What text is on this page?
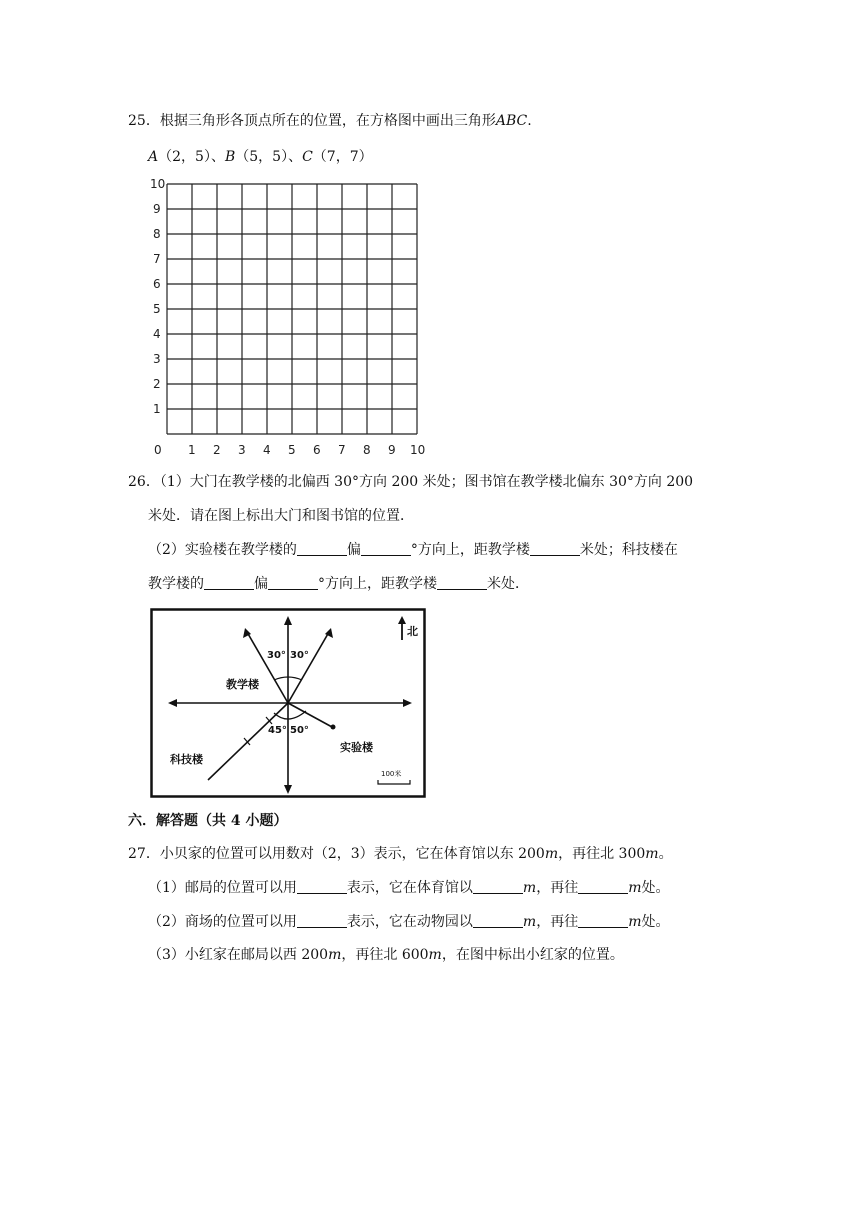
25．根据三角形各顶点所在的位置，在方格图中画出三角形ABC.
A（2，5）、B（5，5）、C（7，7）
0 1
1
2
2
3
3
4
4
5
5
6
6
7
7
8
8
9
9
10
10
26．（1）大门在教学楼的北偏西 30°方向 200 米处；图书馆在教学楼北偏东 30°方向 200
米处．请在图上标出大门和图书馆的位置．
（2）实验楼在教学楼的	偏	°方向上，距教学楼	米处；科技楼在
教学楼的	偏	°方向上，距教学楼	米处．
北
30° 30°
45° 50°
教学楼
科技楼
实验楼
100米
六．解答题（共 4 小题）
27．小贝家的位置可以用数对（2，3）表示，它在体育馆以东 200m，再往北 300m。
（1）邮局的位置可以用	表示，它在体育馆以	m，再往	m处。
（2）商场的位置可以用	表示，它在动物园以	m，再往	m处。
（3）小红家在邮局以西 200m，再往北 600m，在图中标出小红家的位置。
